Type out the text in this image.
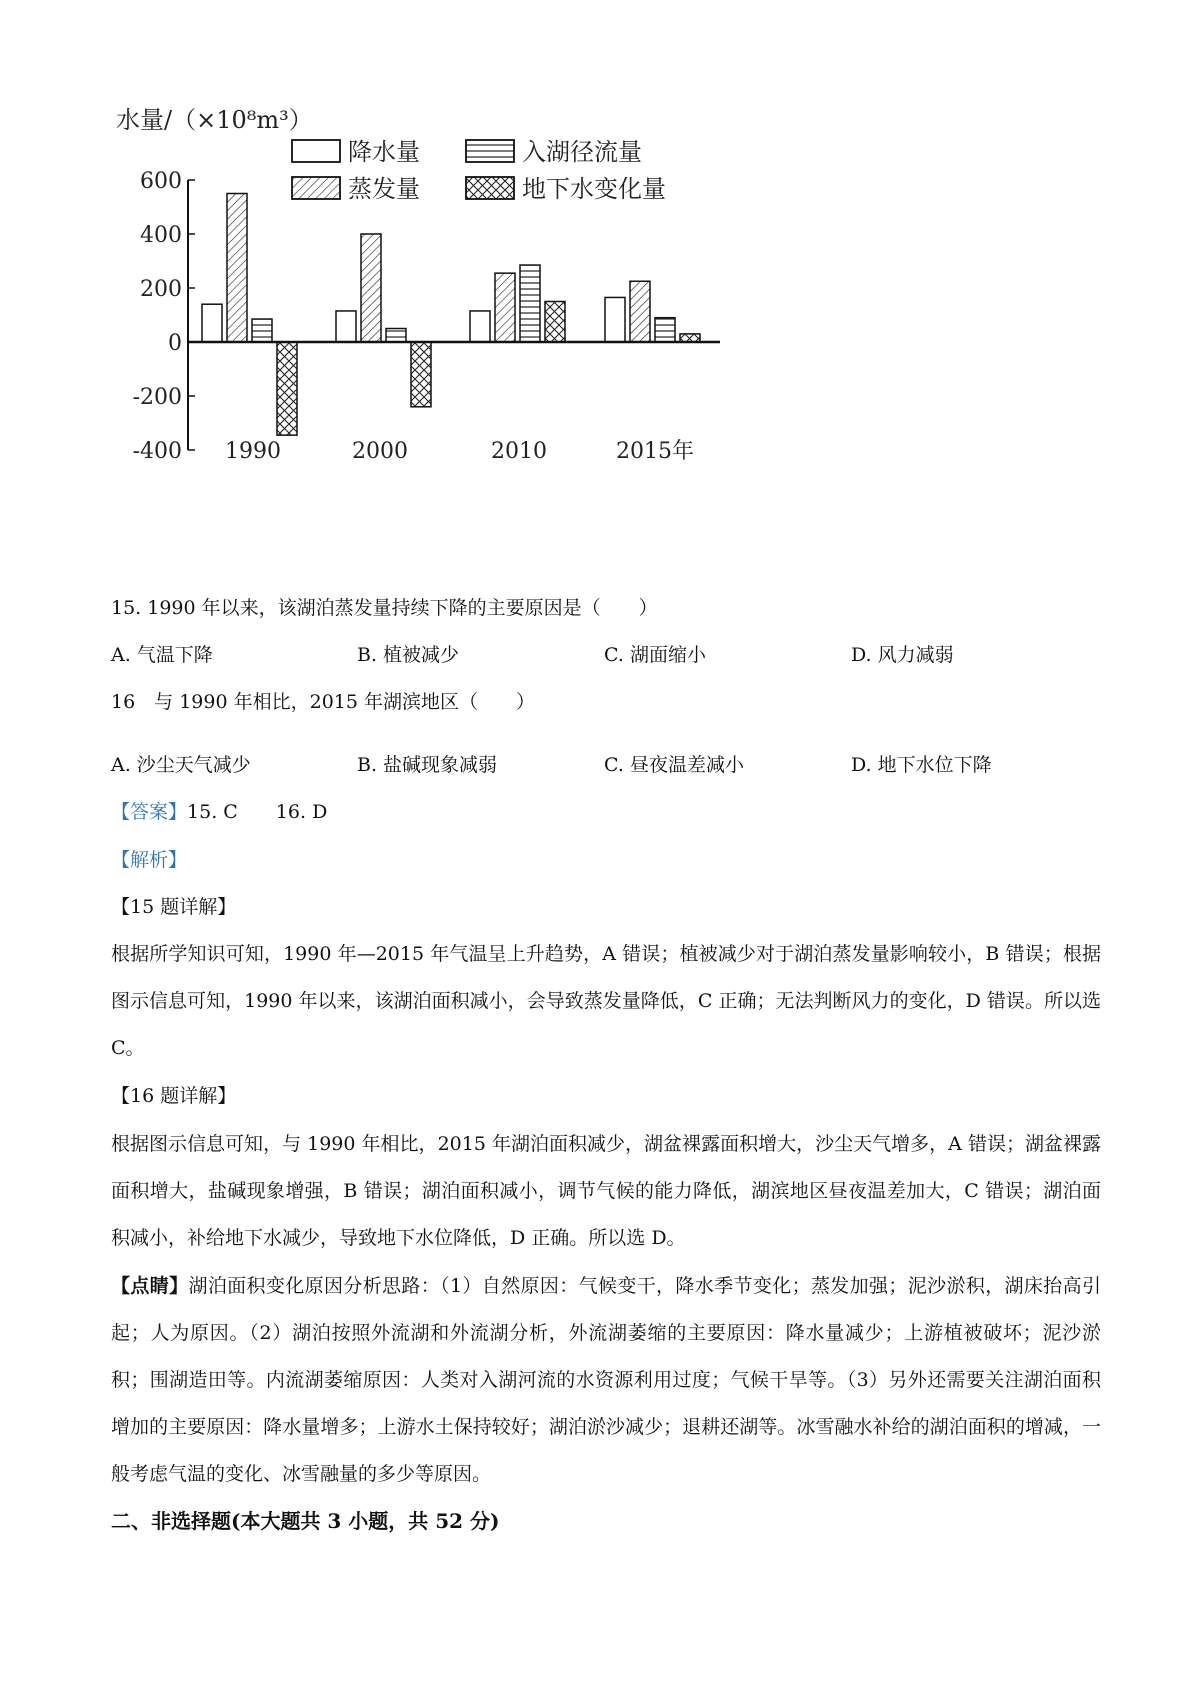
水量/（×10⁸m³）
降水量
蒸发量
入湖径流量
地下水变化量
600
400
200
0
-200
-400 1990	2000	2010	2015年
15. 1990 年以来，该湖泊蒸发量持续下降的主要原因是（　　）
A. 气温下降	B. 植被减少	C. 湖面缩小	D. 风力减弱
16　与 1990 年相比，2015 年湖滨地区（　　）
A. 沙尘天气减少	B. 盐碱现象减弱	C. 昼夜温差减小	D. 地下水位下降
【答案】15. C　　16. D
【解析】
【15 题详解】
根据所学知识可知，1990 年—2015 年气温呈上升趋势，A 错误；植被减少对于湖泊蒸发量影响较小，B 错误；根据图示信息可知，1990 年以来，该湖泊面积减小，会导致蒸发量降低，C 正确；无法判断风力的变化，D 错误。所以选 C。
【16 题详解】
根据图示信息可知，与 1990 年相比，2015 年湖泊面积减少，湖盆裸露面积增大，沙尘天气增多，A 错误；湖盆裸露面积增大，盐碱现象增强，B 错误；湖泊面积减小，调节气候的能力降低，湖滨地区昼夜温差加大，C 错误；湖泊面积减小，补给地下水减少，导致地下水位降低，D 正确。所以选 D。
【点睛】湖泊面积变化原因分析思路：（1）自然原因：气候变干，降水季节变化；蒸发加强；泥沙淤积，湖床抬高引起；人为原因。（2）湖泊按照外流湖和外流湖分析，外流湖萎缩的主要原因：降水量减少；上游植被破坏；泥沙淤积；围湖造田等。内流湖萎缩原因：人类对入湖河流的水资源利用过度；气候干旱等。（3）另外还需要关注湖泊面积增加的主要原因：降水量增多；上游水土保持较好；湖泊淤沙减少；退耕还湖等。冰雪融水补给的湖泊面积的增减，一般考虑气温的变化、冰雪融量的多少等原因。
二、非选择题(本大题共 3 小题，共 52 分)
